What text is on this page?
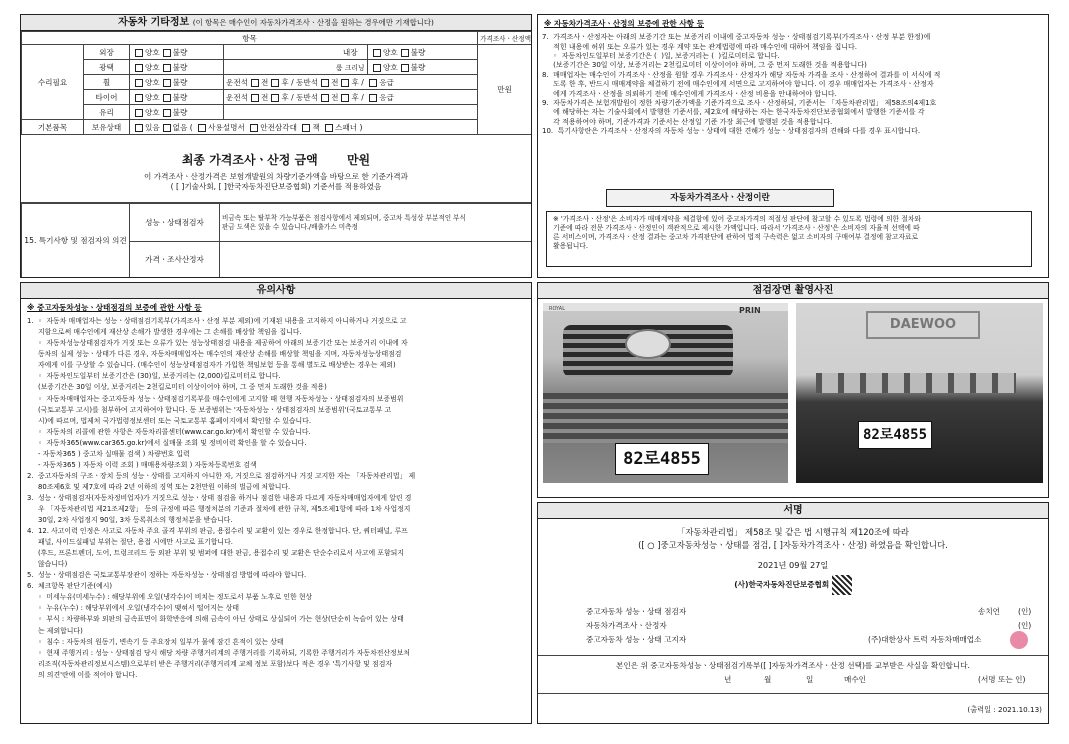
자동차 기타정보 (이 항목은 매수인이 자동차가격조사ㆍ산정을 원하는 경우에만 기재합니다)
항목						가격조사ㆍ산정액
수리필요	외장	양호 불량		내장	양호 불량	만원
	광택	양호 불량		룸 크리닝	양호 불량	
	휠	양호 불량	운전석 전 후 / 동반석 전 후 / 응급			
	타이어	양호 불량	운전석 전 후 / 동반석 전 후 / 응급			
	유리	양호 불량				
기본품목	보유상태	있음 없음 ( 사용설명서 안전삼각대 잭 스패너 )				
최종 가격조사ㆍ산정 금액 만원
이 가격조사ㆍ산정가격은 보험개발원의 차량기준가액을 바탕으로 한 기준가격과
( [ ]기술사회, [ ]한국자동차진단보증협회) 기준서를 적용하였음
15. 특기사항 및 점검자의 의견	성능ㆍ상태점검자	비금속 또는 탈부착 가능부품은 점검사항에서 제외되며, 중고차 특성상 부분적인 부식
판금 도색은 있을 수 있습니다./배출가스 미측정
	가격ㆍ조사산정자	
※ 자동차가격조사ㆍ산정의 보증에 관한 사항 등
7.  가격조사ㆍ산정자는 아래의 보증기간 또는 보증거리 이내에 중고자동차 성능ㆍ상태점검기록부(가격조사ㆍ산정 부분 한정)에
적힌 내용에 허위 또는 오류가 있는 경우 계약 또는 관계법령에 따라 매수인에 대하여 책임을 집니다.
◦  자동차인도일부터 보증기간은 (  )일, 보증거리는 (  )킬로미터로 합니다.
(보증기간은 30일 이상, 보증거리는 2천킬로미터 이상이어야 하며, 그 중 먼저 도래한 것을 적용합니다)
8.  매매업자는 매수인이 가격조사ㆍ산정을 원할 경우 가격조사ㆍ산정자가 해당 자동차 가격을 조사ㆍ산정하여 결과를 이 서식에 적
도록 한 후, 반드시 매매계약을 체결하기 전에 매수인에게 서면으로 고지하여야 합니다. 이 경우 매매업자는 가격조사ㆍ산정자
에게 가격조사ㆍ산정을 의뢰하기 전에 매수인에게 가격조사ㆍ산정 비용을 안내하여야 합니다.
9.  자동차가격은 보험개발원이 정한 차량기준가액을 기준가격으로 조사ㆍ산정하되, 기준서는 「자동차관리법」 제58조의4제1호
에 해당하는 자는 기술사회에서 발행한 기준서를, 제2호에 해당하는 자는 한국자동차진단보증협회에서 발행한 기준서를 각
각 적용하여야 하며, 기준가격과 기준서는 산정일 기준 가장 최근에 발행된 것을 적용합니다.
10.  특기사항란은 가격조사ㆍ산정자의 자동차 성능ㆍ상태에 대한 견해가 성능ㆍ상태점검자의 견해와 다를 경우 표시합니다.
자동차가격조사ㆍ산정이란
※ '가격조사ㆍ산정'은 소비자가 매매계약을 체결함에 있어 중고차가격의 적절성 판단에 참고할 수 있도록 법령에 의한 절차와
기준에 따라 전문 가격조사ㆍ산정인이 객관적으로 제시한 가액입니다. 따라서 '가격조사ㆍ산정'은 소비자의 자율적 선택에 따
른 서비스이며, 가격조사ㆍ산정 결과는 중고차 가격판단에 관하여 법적 구속력은 없고 소비자의 구매여부 결정에 참고자료로
활용됩니다.
유의사항
※ 중고자동차성능ㆍ상태점검의 보증에 관한 사항 등
1.  ◦  자동차 매매업자는 성능ㆍ상태점검기록부(가격조사ㆍ산정 부분 제외)에 기재된 내용을 고지하지 아니하거나 거짓으로 고
지함으로써 매수인에게 재산상 손해가 발생한 경우에는 그 손해를 배상할 책임을 집니다.
◦  자동차성능상태점검자가 거짓 또는 오류가 있는 성능상태점검 내용을 제공하여 아래의 보증기간 또는 보증거리 이내에 자
동차의 실제 성능ㆍ상태가 다른 경우, 자동차매매업자는 매수인의 재산상 손해를 배상할 책임을 지며, 자동차성능상태점검
자에게 이를 구상할 수 있습니다. (매수인이 성능상태점검자가 가입한 책임보험 등을 통해 별도로 배상받는 경우는 제외)
◦  자동차인도일부터 보증기간은 (30)일, 보증거리는 (2,000)킬로미터로 합니다.
(보증기간은 30일 이상, 보증거리는 2천킬로미터 이상이어야 하며, 그 중 먼저 도래한 것을 적용)
◦  자동차매매업자는 중고자동차 성능ㆍ상태점검기록부를 매수인에게 고지할 때 현행 자동차성능ㆍ상태점검자의 보증범위
(국토교통부 고시)를 첨부하여 고지하여야 합니다. 동 보증범위는 '자동차성능ㆍ상태점검자의 보증범위'(국토교통부 고
시)에 따르며, 법제처 국가법령정보센터 또는 국토교통부 홈페이지에서 확인할 수 있습니다.
◦  자동차의 리콜에 관한 사항은 자동차리콜센터(www.car.go.kr)에서 확인할 수 있습니다.
◦  자동차365(www.car365.go.kr)에서 실매물 조회 및 정비이력 확인을 할 수 있습니다.
- 자동차365 ) 중고차 실매물 검색 ) 차량번호 입력
- 자동차365 ) 자동차 이력 조회 ) 매매용차량조회 ) 자동차등록번호 검색
2.  중고자동차의 구조ㆍ장치 등의 성능ㆍ상태를 고지하지 아니한 자, 거짓으로 점검하거나 거짓 고지한 자는 「자동차관리법」 제
80조제6호 및 제7호에 따라 2년 이하의 징역 또는 2천만원 이하의 벌금에 처합니다.
3.  성능ㆍ상태점검자(자동차정비업자)가 거짓으로 성능ㆍ상태 점검을 하거나 점검한 내용과 다르게 자동차매매업자에게 알린 경
우 「자동차관리법 제21조제2항」 등의 규정에 따른 행정처분의 기준과 절차에 관한 규칙, 제5조제1항에 따라 1차 사업정지
30일, 2차 사업정지 90일, 3차 등록취소의 행정처분을 받습니다.
4.  12. 사고이력 인정은 사고로 자동차 주요 골격 부위의 판금, 용접수리 및 교환이 있는 경우로 한정합니다. 단, 쿼터패널, 루프
패널, 사이드실패널 부위는 절단, 용접 시에만 사고로 표기합니다.
(후드, 프론트펜더, 도어, 트렁크리드 등 외판 부위 및 범퍼에 대한 판금, 용접수리 및 교환은 단순수리로서 사고에 포함되지
않습니다)
5.  성능ㆍ상태점검은 국토교통부장관이 정하는 자동차성능ㆍ상태점검 방법에 따라야 합니다.
6.  체크항목 판단기준(예시)
◦  미세누유(미세누수) : 해당부위에 오일(냉각수)이 비치는 정도로서 부품 노후로 인한 현상
◦  누유(누수) : 해당부위에서 오일(냉각수)이 맺혀서 떨어지는 상태
◦  부식 : 차량하부와 외판의 금속표면이 화학반응에 의해 금속이 아닌 상태로 상실되어 가는 현상(단순히 녹슬어 있는 상태
는 제외합니다)
◦  침수 : 자동차의 원동기, 변속기 등 주요장치 일부가 물에 잠긴 흔적이 있는 상태
◦  현재 주행거리 : 성능ㆍ상태점검 당시 해당 차량 주행거리계의 주행거리를 기록하되, 기록한 주행거리가 자동차전산정보처
리조직(자동차관리정보시스템)으로부터 받은 주행거리(주행거리계 교체 정보 포함)보다 적은 경우 '특기사항 및 점검자
의 의견'란에 이를 적어야 합니다.
점검장면 촬영사진
ROYAL	PRIN
82로4855
DAEWOO
82로4855
서명
「자동차관리법」 제58조 및 같은 법 시행규칙 제120조에 따라
([ ○ ]중고자동차성능ㆍ상태를 점검, [ ]자동차가격조사ㆍ산정) 하였음을 확인합니다.
2021년 09월 27일
(사)한국자동차진단보증협회
중고자동차 성능ㆍ상태 점검자	송치언 (인)
자동차가격조사ㆍ산정자	(인)
중고자동차 성능ㆍ상태 고지자	(주)대한상사 트럭 자동차매매업소
본인은 위 중고자동차성능ㆍ상태점검기록부([ ]자동차가격조사ㆍ산정 선택)를 교부받은 사실을 확인합니다.
년	월	일	매수인	(서명 또는 인)
(출력일 : 2021.10.13)
